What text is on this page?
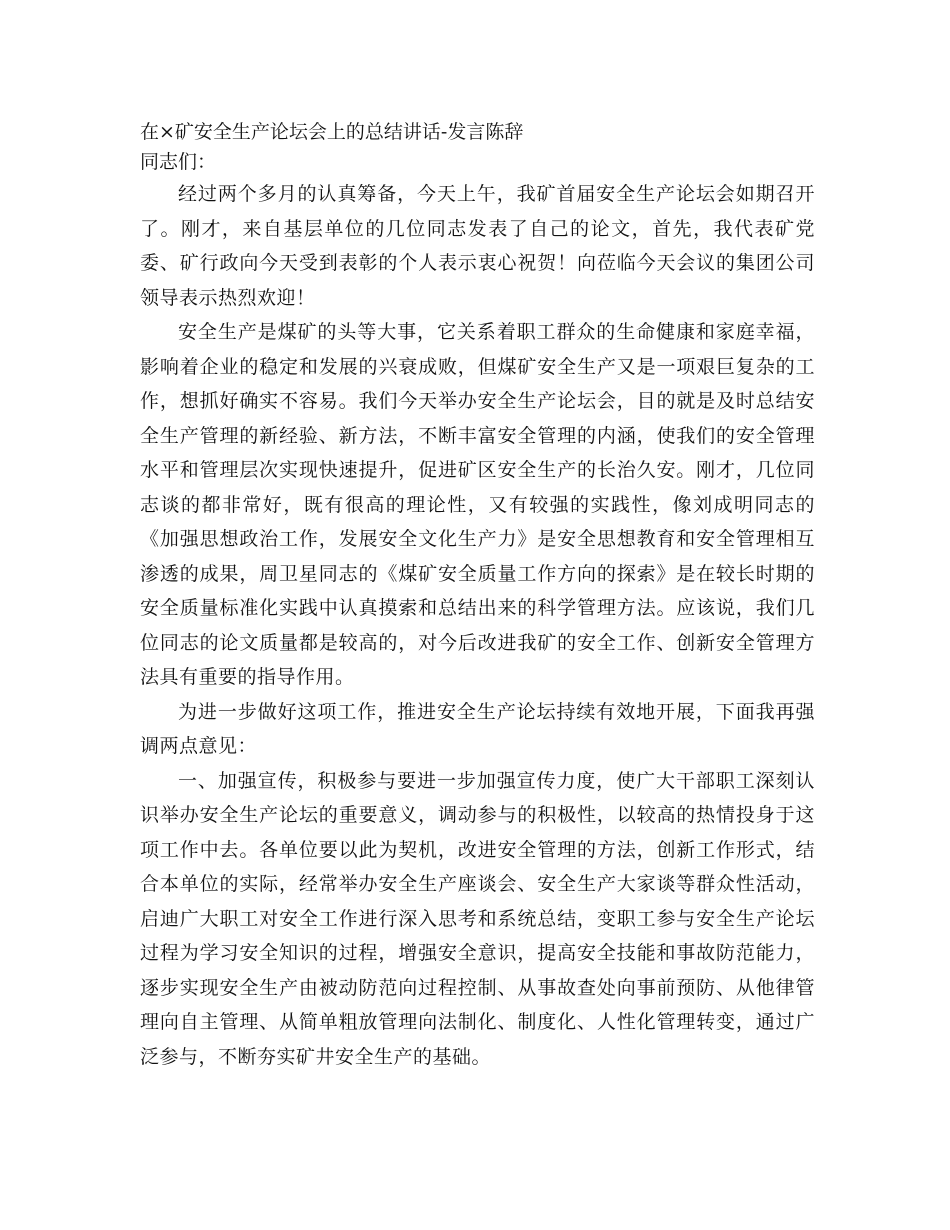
在×矿安全生产论坛会上的总结讲话-发言陈辞

同志们：

经过两个多月的认真筹备，今天上午，我矿首届安全生产论坛会如期召开了。刚才，来自基层单位的几位同志发表了自己的论文，首先，我代表矿党委、矿行政向今天受到表彰的个人表示衷心祝贺！向莅临今天会议的集团公司领导表示热烈欢迎！

安全生产是煤矿的头等大事，它关系着职工群众的生命健康和家庭幸福，影响着企业的稳定和发展的兴衰成败，但煤矿安全生产又是一项艰巨复杂的工作，想抓好确实不容易。我们今天举办安全生产论坛会，目的就是及时总结安全生产管理的新经验、新方法，不断丰富安全管理的内涵，使我们的安全管理水平和管理层次实现快速提升，促进矿区安全生产的长治久安。刚才，几位同志谈的都非常好，既有很高的理论性，又有较强的实践性，像刘成明同志的《加强思想政治工作，发展安全文化生产力》是安全思想教育和安全管理相互渗透的成果，周卫星同志的《煤矿安全质量工作方向的探索》是在较长时期的安全质量标准化实践中认真摸索和总结出来的科学管理方法。应该说，我们几位同志的论文质量都是较高的，对今后改进我矿的安全工作、创新安全管理方法具有重要的指导作用。

为进一步做好这项工作，推进安全生产论坛持续有效地开展，下面我再强调两点意见：

一、加强宣传，积极参与要进一步加强宣传力度，使广大干部职工深刻认识举办安全生产论坛的重要意义，调动参与的积极性，以较高的热情投身于这项工作中去。各单位要以此为契机，改进安全管理的方法，创新工作形式，结合本单位的实际，经常举办安全生产座谈会、安全生产大家谈等群众性活动，启迪广大职工对安全工作进行深入思考和系统总结，变职工参与安全生产论坛过程为学习安全知识的过程，增强安全意识，提高安全技能和事故防范能力，逐步实现安全生产由被动防范向过程控制、从事故查处向事前预防、从他律管理向自主管理、从简单粗放管理向法制化、制度化、人性化管理转变，通过广泛参与，不断夯实矿井安全生产的基础。
